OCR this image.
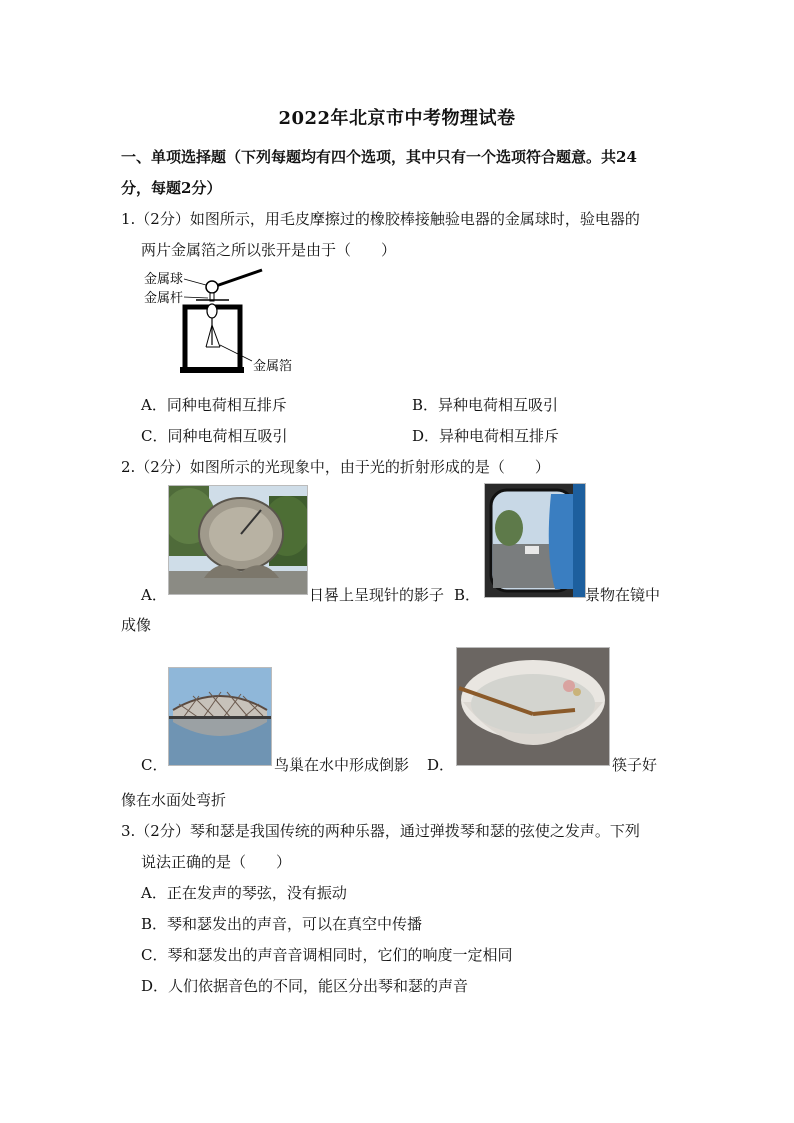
2022年北京市中考物理试卷
一、单项选择题（下列每题均有四个选项，其中只有一个选项符合题意。共24
分，每题2分）
1.（2分）如图所示，用毛皮摩擦过的橡胶棒接触验电器的金属球时，验电器的
两片金属箔之所以张开是由于（　　）
金属球
金属杆
金属箔
A．同种电荷相互排斥	B．异种电荷相互吸引
C．同种电荷相互吸引	D．异种电荷相互排斥
2.（2分）如图所示的光现象中，由于光的折射形成的是（　　）
A．	日晷上呈现针的影子 B．	景物在镜中
成像
C．	鸟巢在水中形成倒影 D．	筷子好
像在水面处弯折
3.（2分）琴和瑟是我国传统的两种乐器，通过弹拨琴和瑟的弦使之发声。下列
说法正确的是（　　）
A．正在发声的琴弦，没有振动
B．琴和瑟发出的声音，可以在真空中传播
C．琴和瑟发出的声音音调相同时，它们的响度一定相同
D．人们依据音色的不同，能区分出琴和瑟的声音
